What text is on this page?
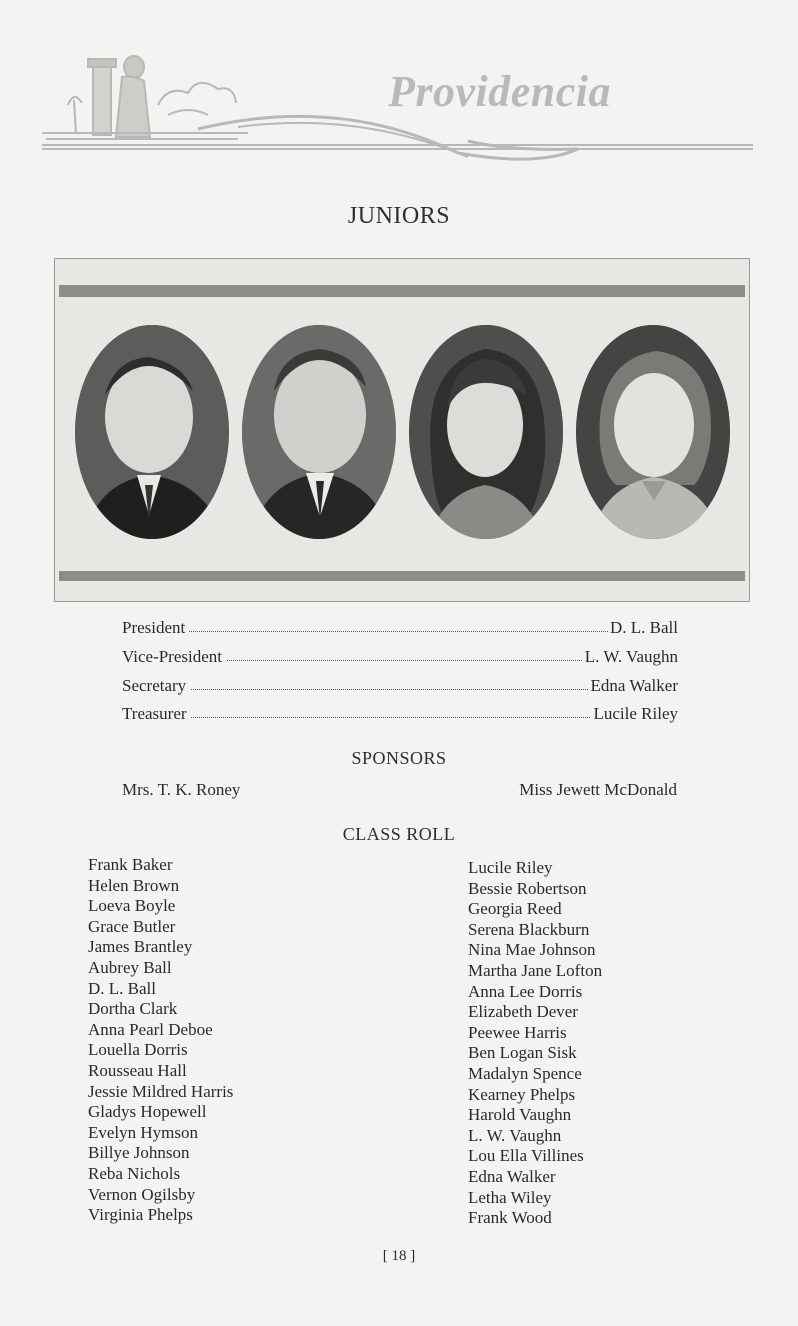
Providencia
JUNIORS
President	D. L. Ball
Vice-President	L. W. Vaughn
Secretary	Edna Walker
Treasurer	Lucile Riley
SPONSORS
Mrs. T. K. Roney	Miss Jewett McDonald
CLASS ROLL
Frank Baker
Helen Brown
Loeva Boyle
Grace Butler
James Brantley
Aubrey Ball
D. L. Ball
Dortha Clark
Anna Pearl Deboe
Louella Dorris
Rousseau Hall
Jessie Mildred Harris
Gladys Hopewell
Evelyn Hymson
Billye Johnson
Reba Nichols
Vernon Ogilsby
Virginia Phelps
Lucile Riley
Bessie Robertson
Georgia Reed
Serena Blackburn
Nina Mae Johnson
Martha Jane Lofton
Anna Lee Dorris
Elizabeth Dever
Peewee Harris
Ben Logan Sisk
Madalyn Spence
Kearney Phelps
Harold Vaughn
L. W. Vaughn
Lou Ella Villines
Edna Walker
Letha Wiley
Frank Wood
[ 18 ]
